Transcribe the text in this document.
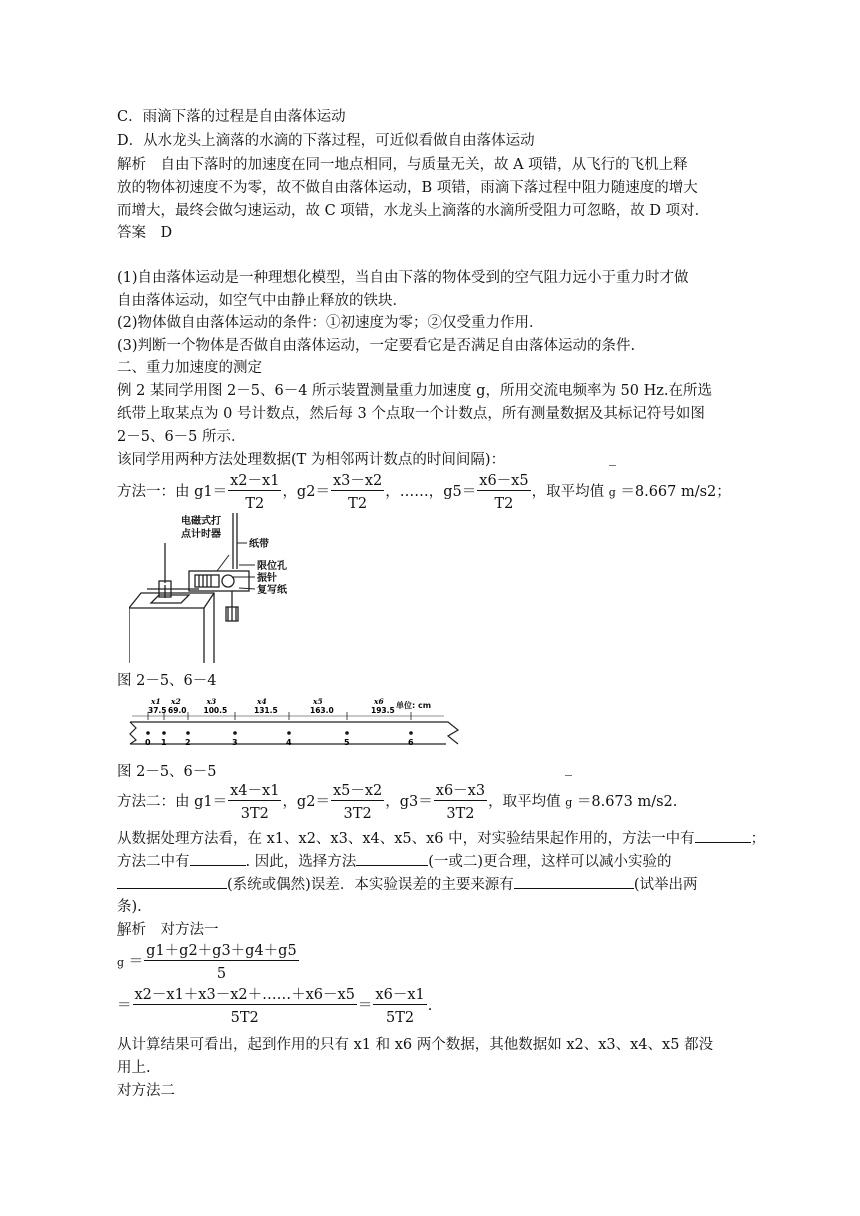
C．雨滴下落的过程是自由落体运动
D．从水龙头上滴落的水滴的下落过程，可近似看做自由落体运动
解析　自由下落时的加速度在同一地点相同，与质量无关，故 A 项错，从飞行的飞机上释
放的物体初速度不为零，故不做自由落体运动，B 项错，雨滴下落过程中阻力随速度的增大
而增大，最终会做匀速运动，故 C 项错，水龙头上滴落的水滴所受阻力可忽略，故 D 项对．
答案　D
(1)自由落体运动是一种理想化模型，当自由下落的物体受到的空气阻力远小于重力时才做
自由落体运动，如空气中由静止释放的铁块．
(2)物体做自由落体运动的条件：①初速度为零；②仅受重力作用．
(3)判断一个物体是否做自由落体运动，一定要看它是否满足自由落体运动的条件.
二、重力加速度的测定
例 2 某同学用图 2－5、6－4 所示装置测量重力加速度 g，所用交流电频率为 50 Hz.在所选
纸带上取某点为 0 号计数点，然后每 3 个点取一个计数点，所有测量数据及其标记符号如图
2－5、6－5 所示．
该同学用两种方法处理数据(T 为相邻两计数点的时间间隔)：
方法一：由 $g1= \frac{x2-x1}{T2}$ ，$g2= \frac{x3-x2}{T2}$ ，……，$g5= \frac{x6-x5}{T2}$ ，取平均值 g ＝8.667 m/s2；
电磁式打
点计时器
纸带
限位孔
振针
复写纸
图 2－5、6－4
0 1 2	3	4	5	6
x1
37.5
x2
69.0
x3
100.5
x4
131.5
x5
163.0
x6
193.5
单位: cm
图 2－5、6－5
方法二：由 $g1= \frac{x4-x1}{3T2}$ ，$g2= \frac{x5-x2}{3T2}$ ，$g3= \frac{x6-x3}{3T2}$ ，取平均值 g ＝8.673 m/s2.
从数据处理方法看，在 x1、x2、x3、x4、x5、x6 中，对实验结果起作用的，方法一中有	；
方法二中有	. 因此，选择方法	(一或二)更合理，这样可以减小实验的
(系统或偶然)误差．本实验误差的主要来源有	(试举出两
条).
解析　对方法一
$g = \frac{g1+g2+g3+g4+g5}{5}$
＝ $\frac{x2-x1+x3-x2+\dots\dots+x6-x5}{5T2} = \frac{x6-x1}{5T2}$ .
从计算结果可看出，起到作用的只有 x1 和 x6 两个数据，其他数据如 x2、x3、x4、x5 都没
用上.
对方法二
